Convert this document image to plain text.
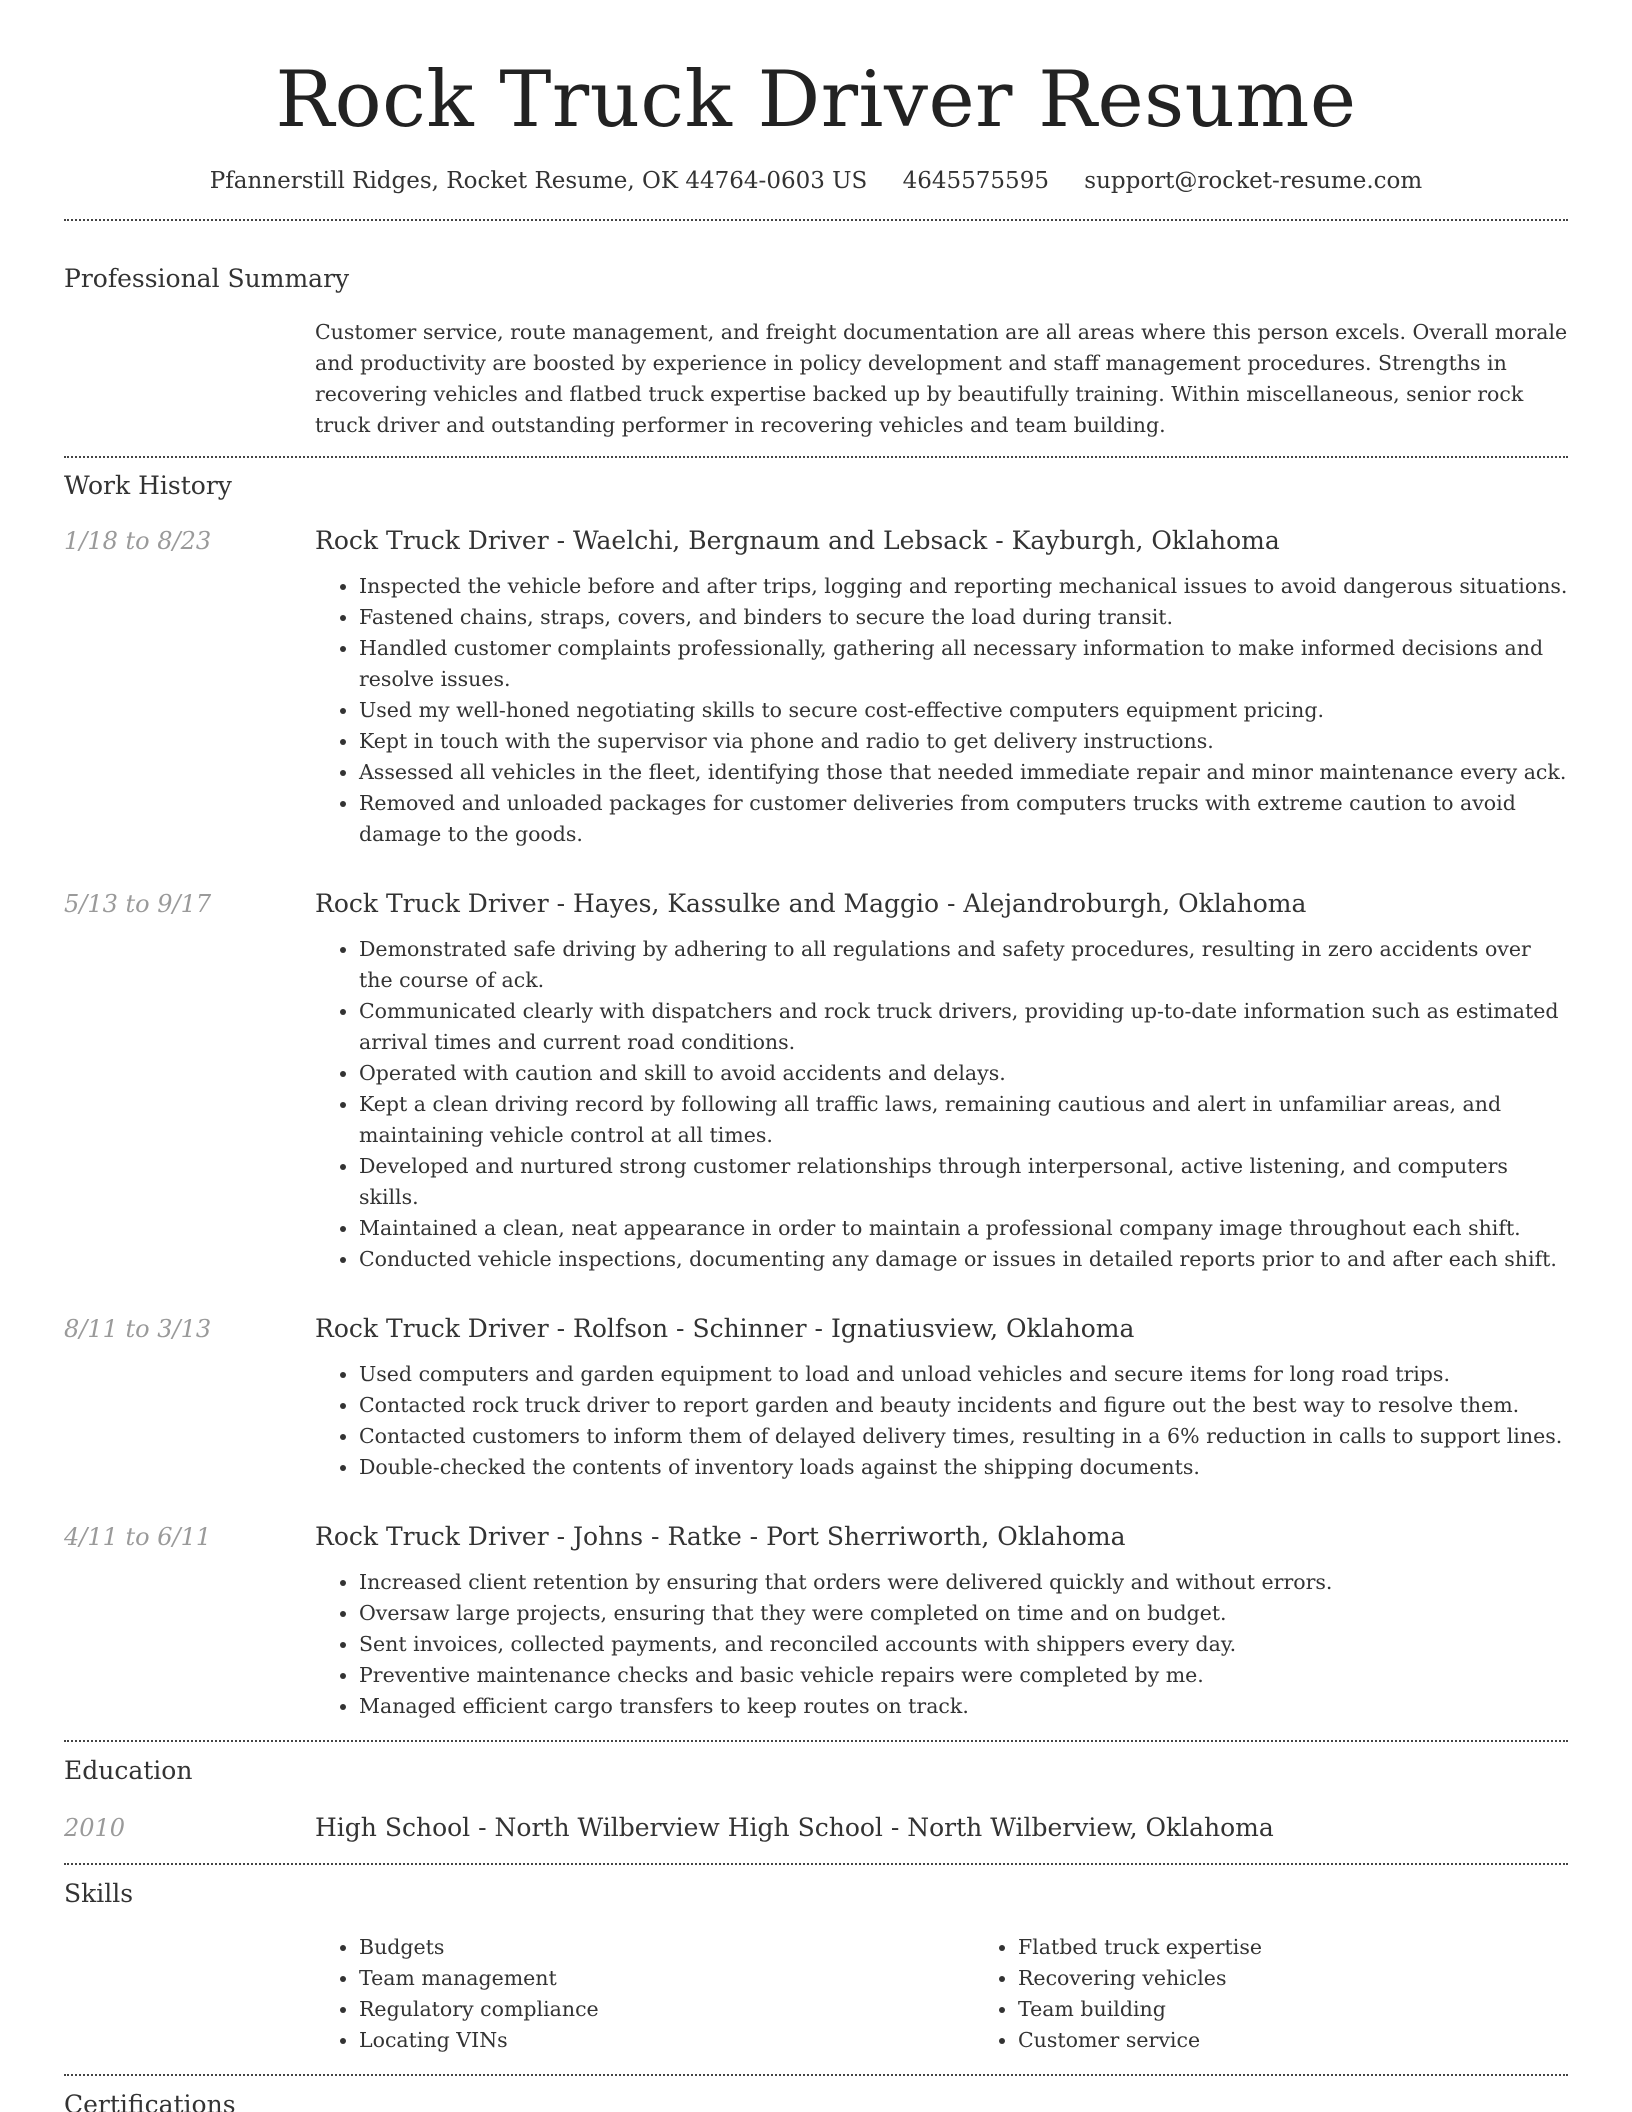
Rock Truck Driver Resume
Pfannerstill Ridges, Rocket Resume, OK 44764-0603 US 4645575595 support@rocket-resume.com
Professional Summary
Customer service, route management, and freight documentation are all areas where this person excels. Overall morale and productivity are boosted by experience in policy development and staff management procedures. Strengths in recovering vehicles and flatbed truck expertise backed up by beautifully training. Within miscellaneous, senior rock truck driver and outstanding performer in recovering vehicles and team building.
Work History
1/18 to 8/23	Rock Truck Driver - Waelchi, Bergnaum and Lebsack - Kayburgh, Oklahoma
• Inspected the vehicle before and after trips, logging and reporting mechanical issues to avoid dangerous situations.
• Fastened chains, straps, covers, and binders to secure the load during transit.
• Handled customer complaints professionally, gathering all necessary information to make informed decisions and resolve issues.
• Used my well-honed negotiating skills to secure cost-effective computers equipment pricing.
• Kept in touch with the supervisor via phone and radio to get delivery instructions.
• Assessed all vehicles in the fleet, identifying those that needed immediate repair and minor maintenance every ack.
• Removed and unloaded packages for customer deliveries from computers trucks with extreme caution to avoid damage to the goods.
5/13 to 9/17	Rock Truck Driver - Hayes, Kassulke and Maggio - Alejandroburgh, Oklahoma
• Demonstrated safe driving by adhering to all regulations and safety procedures, resulting in zero accidents over the course of ack.
• Communicated clearly with dispatchers and rock truck drivers, providing up-to-date information such as estimated arrival times and current road conditions.
• Operated with caution and skill to avoid accidents and delays.
• Kept a clean driving record by following all traffic laws, remaining cautious and alert in unfamiliar areas, and maintaining vehicle control at all times.
• Developed and nurtured strong customer relationships through interpersonal, active listening, and computers skills.
• Maintained a clean, neat appearance in order to maintain a professional company image throughout each shift.
• Conducted vehicle inspections, documenting any damage or issues in detailed reports prior to and after each shift.
8/11 to 3/13	Rock Truck Driver - Rolfson - Schinner - Ignatiusview, Oklahoma
• Used computers and garden equipment to load and unload vehicles and secure items for long road trips.
• Contacted rock truck driver to report garden and beauty incidents and figure out the best way to resolve them.
• Contacted customers to inform them of delayed delivery times, resulting in a 6% reduction in calls to support lines.
• Double-checked the contents of inventory loads against the shipping documents.
4/11 to 6/11	Rock Truck Driver - Johns - Ratke - Port Sherriworth, Oklahoma
• Increased client retention by ensuring that orders were delivered quickly and without errors.
• Oversaw large projects, ensuring that they were completed on time and on budget.
• Sent invoices, collected payments, and reconciled accounts with shippers every day.
• Preventive maintenance checks and basic vehicle repairs were completed by me.
• Managed efficient cargo transfers to keep routes on track.
Education
2010	High School - North Wilberview High School - North Wilberview, Oklahoma
Skills
• Budgets
• Team management
• Regulatory compliance
• Locating VINs
• Flatbed truck expertise
• Recovering vehicles
• Team building
• Customer service
Certifications
